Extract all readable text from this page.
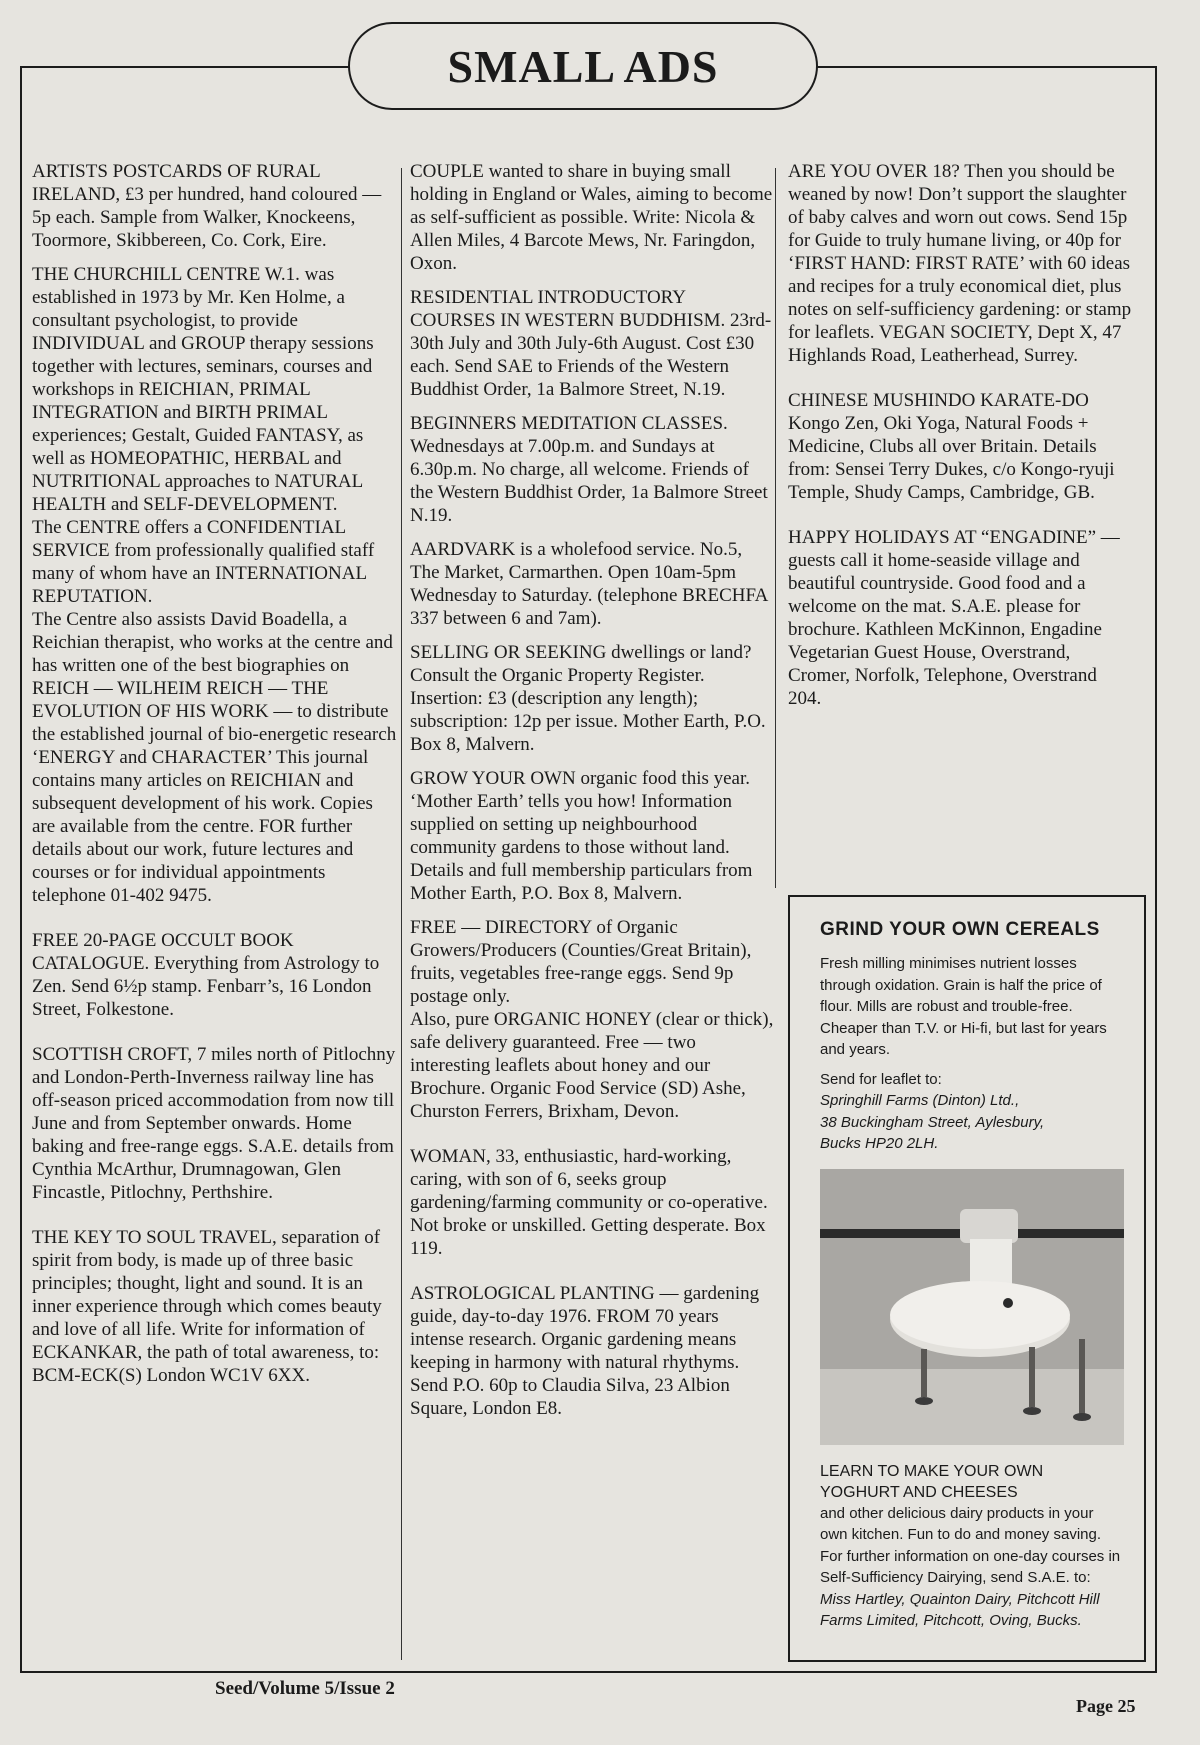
SMALL ADS

ARTISTS POSTCARDS OF RURAL IRELAND, £3 per hundred, hand coloured — 5p each. Sample from Walker, Knockeens, Toormore, Skibbereen, Co. Cork, Eire.

THE CHURCHILL CENTRE W.1. was established in 1973 by Mr. Ken Holme, a consultant psychologist, to provide INDIVIDUAL and GROUP therapy sessions together with lectures, seminars, courses and workshops in REICHIAN, PRIMAL INTEGRATION and BIRTH PRIMAL experiences; Gestalt, Guided FANTASY, as well as HOMEOPATHIC, HERBAL and NUTRITIONAL approaches to NATURAL HEALTH and SELF-DEVELOPMENT.
The CENTRE offers a CONFIDENTIAL SERVICE from professionally qualified staff many of whom have an INTERNATIONAL REPUTATION.
The Centre also assists David Boadella, a Reichian therapist, who works at the centre and has written one of the best biographies on REICH — WILHEIM REICH — THE EVOLUTION OF HIS WORK — to distribute the established journal of bio-energetic research ‘ENERGY and CHARACTER’ This journal contains many articles on REICHIAN and subsequent development of his work. Copies are available from the centre. FOR further details about our work, future lectures and courses or for individual appointments telephone 01-402 9475.

FREE 20-PAGE OCCULT BOOK CATALOGUE. Everything from Astrology to Zen. Send 6½p stamp. Fenbarr’s, 16 London Street, Folkestone.

SCOTTISH CROFT, 7 miles north of Pitlochny and London-Perth-Inverness railway line has off-season priced accommodation from now till June and from September onwards. Home baking and free-range eggs. S.A.E. details from Cynthia McArthur, Drumnagowan, Glen Fincastle, Pitlochny, Perthshire.

THE KEY TO SOUL TRAVEL, separation of spirit from body, is made up of three basic principles; thought, light and sound. It is an inner experience through which comes beauty and love of all life. Write for information of ECKANKAR, the path of total awareness, to: BCM-ECK(S) London WC1V 6XX.

COUPLE wanted to share in buying small holding in England or Wales, aiming to become as self-sufficient as possible. Write: Nicola & Allen Miles, 4 Barcote Mews, Nr. Faringdon, Oxon.

RESIDENTIAL INTRODUCTORY COURSES IN WESTERN BUDDHISM. 23rd-30th July and 30th July-6th August. Cost £30 each. Send SAE to Friends of the Western Buddhist Order, 1a Balmore Street, N.19.

BEGINNERS MEDITATION CLASSES. Wednesdays at 7.00p.m. and Sundays at 6.30p.m. No charge, all welcome. Friends of the Western Buddhist Order, 1a Balmore Street N.19.

AARDVARK is a wholefood service. No.5, The Market, Carmarthen. Open 10am-5pm Wednesday to Saturday. (telephone BRECHFA 337 between 6 and 7am).

SELLING OR SEEKING dwellings or land? Consult the Organic Property Register. Insertion: £3 (description any length); subscription: 12p per issue. Mother Earth, P.O. Box 8, Malvern.

GROW YOUR OWN organic food this year. ‘Mother Earth’ tells you how! Information supplied on setting up neighbourhood community gardens to those without land. Details and full membership particulars from Mother Earth, P.O. Box 8, Malvern.

FREE — DIRECTORY of Organic Growers/Producers (Counties/Great Britain), fruits, vegetables free-range eggs. Send 9p postage only.
Also, pure ORGANIC HONEY (clear or thick), safe delivery guaranteed. Free — two interesting leaflets about honey and our Brochure. Organic Food Service (SD) Ashe, Churston Ferrers, Brixham, Devon.

WOMAN, 33, enthusiastic, hard-working, caring, with son of 6, seeks group gardening/farming community or co-operative. Not broke or unskilled. Getting desperate. Box 119.

ASTROLOGICAL PLANTING — gardening guide, day-to-day 1976. FROM 70 years intense research. Organic gardening means keeping in harmony with natural rhythyms. Send P.O. 60p to Claudia Silva, 23 Albion Square, London E8.

ARE YOU OVER 18? Then you should be weaned by now! Don’t support the slaughter of baby calves and worn out cows. Send 15p for Guide to truly humane living, or 40p for ‘FIRST HAND: FIRST RATE’ with 60 ideas and recipes for a truly economical diet, plus notes on self-sufficiency gardening: or stamp for leaflets. VEGAN SOCIETY, Dept X, 47 Highlands Road, Leatherhead, Surrey.

CHINESE MUSHINDO KARATE-DO Kongo Zen, Oki Yoga, Natural Foods + Medicine, Clubs all over Britain. Details from: Sensei Terry Dukes, c/o Kongo-ryuji Temple, Shudy Camps, Cambridge, GB.

HAPPY HOLIDAYS AT “ENGADINE” — guests call it home-seaside village and beautiful countryside. Good food and a welcome on the mat. S.A.E. please for brochure. Kathleen McKinnon, Engadine Vegetarian Guest House, Overstrand, Cromer, Norfolk, Telephone, Overstrand 204.

GRIND YOUR OWN CEREALS

Fresh milling minimises nutrient losses through oxidation. Grain is half the price of flour. Mills are robust and trouble-free. Cheaper than T.V. or Hi-fi, but last for years and years.

Send for leaflet to:

Springhill Farms (Dinton) Ltd.,
38 Buckingham Street, Aylesbury,
Bucks HP20 2LH.

LEARN TO MAKE YOUR OWN
YOGHURT AND CHEESES

and other delicious dairy products in your own kitchen. Fun to do and money saving. For further information on one-day courses in Self-Sufficiency Dairying, send S.A.E. to:

Miss Hartley, Quainton Dairy, Pitchcott Hill Farms Limited, Pitchcott, Oving, Bucks.

Seed/Volume 5/Issue 2
Page 25
